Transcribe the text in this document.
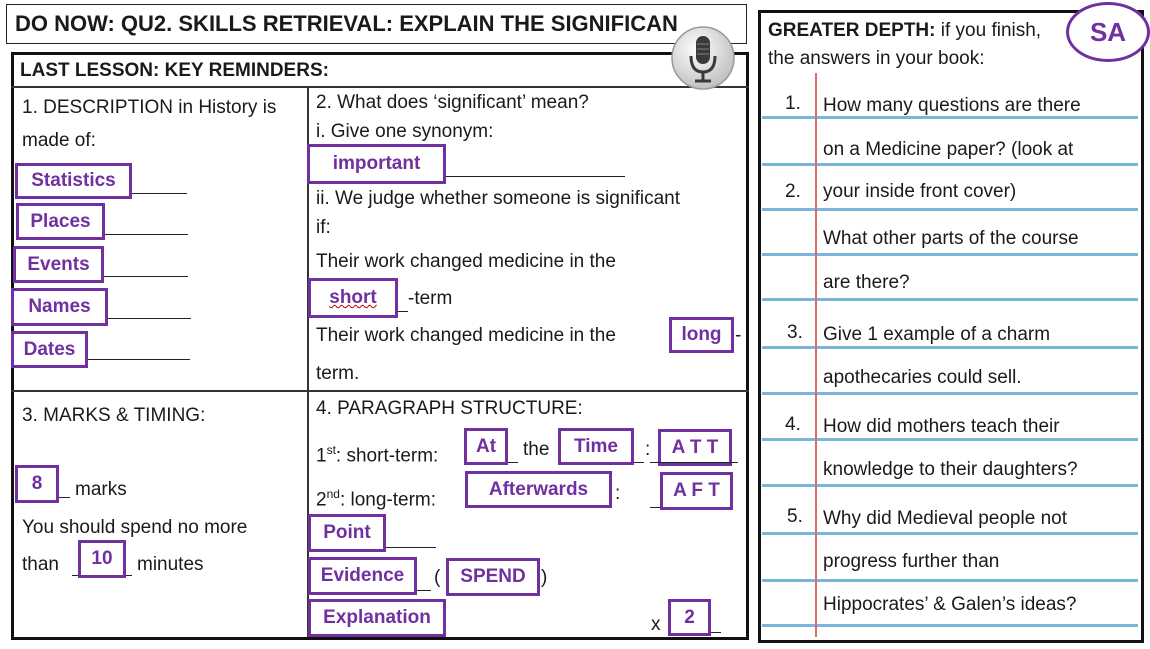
DO NOW: QU2. SKILLS RETRIEVAL: EXPLAIN THE SIGNIFICAN
LAST LESSON: KEY REMINDERS:
1. DESCRIPTION in History is
made of:
Statistics
Places
Events
Names
Dates
2. What does ‘significant’ mean?
i. Give one synonym:
important
ii. We judge whether someone is significant
if:
Their work changed medicine in the
short	-term
Their work changed medicine in the	long -
term.
3. MARKS & TIMING:
8	marks
You should spend no more
than	10	minutes
4. PARAGRAPH STRUCTURE:
1st: short-term:	At	the	Time	:	A T T
2nd: long-term:	Afterwards	:	A F T
Point
Evidence	(	SPEND )
Explanation	x	2
GREATER DEPTH: if you finish,
the answers in your book:
SA
1. How many questions are there
on a Medicine paper? (look at
2. your inside front cover)
What other parts of the course
are there?
3. Give 1 example of a charm
apothecaries could sell.
4. How did mothers teach their
knowledge to their daughters?
5. Why did Medieval people not
progress further than
Hippocrates’ & Galen’s ideas?
